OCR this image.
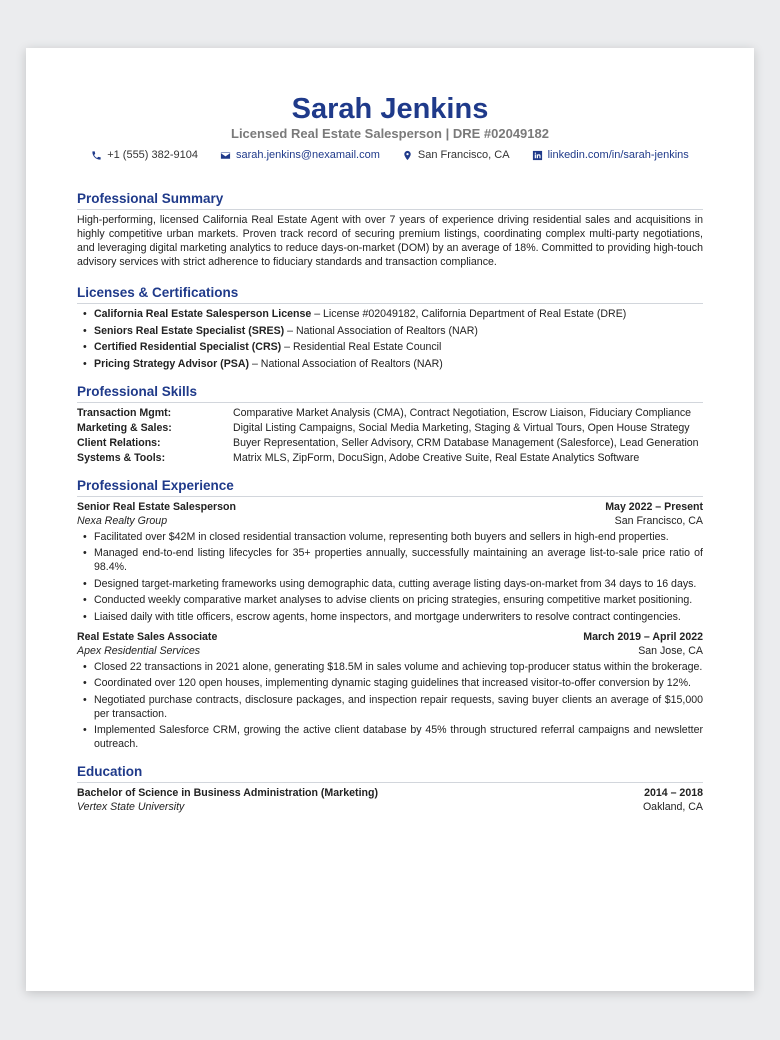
Sarah Jenkins
Licensed Real Estate Salesperson | DRE #02049182
+1 (555) 382-9104	sarah.jenkins@nexamail.com	San Francisco, CA	linkedin.com/in/sarah-jenkins
Professional Summary
High-performing, licensed California Real Estate Agent with over 7 years of experience driving residential sales and acquisitions in highly competitive urban markets. Proven track record of securing premium listings, coordinating complex multi-party negotiations, and leveraging digital marketing analytics to reduce days-on-market (DOM) by an average of 18%. Committed to providing high-touch advisory services with strict adherence to fiduciary standards and transaction compliance.
Licenses & Certifications
• California Real Estate Salesperson License – License #02049182, California Department of Real Estate (DRE)
• Seniors Real Estate Specialist (SRES) – National Association of Realtors (NAR)
• Certified Residential Specialist (CRS) – Residential Real Estate Council
• Pricing Strategy Advisor (PSA) – National Association of Realtors (NAR)
Professional Skills
Transaction Mgmt:	Comparative Market Analysis (CMA), Contract Negotiation, Escrow Liaison, Fiduciary Compliance
Marketing & Sales:	Digital Listing Campaigns, Social Media Marketing, Staging & Virtual Tours, Open House Strategy
Client Relations:	Buyer Representation, Seller Advisory, CRM Database Management (Salesforce), Lead Generation
Systems & Tools:	Matrix MLS, ZipForm, DocuSign, Adobe Creative Suite, Real Estate Analytics Software
Professional Experience
Senior Real Estate Salesperson	May 2022 – Present
Nexa Realty Group	San Francisco, CA
• Facilitated over $42M in closed residential transaction volume, representing both buyers and sellers in high-end properties.
• Managed end-to-end listing lifecycles for 35+ properties annually, successfully maintaining an average list-to-sale price ratio of 98.4%.
• Designed target-marketing frameworks using demographic data, cutting average listing days-on-market from 34 days to 16 days.
• Conducted weekly comparative market analyses to advise clients on pricing strategies, ensuring competitive market positioning.
• Liaised daily with title officers, escrow agents, home inspectors, and mortgage underwriters to resolve contract contingencies.
Real Estate Sales Associate	March 2019 – April 2022
Apex Residential Services	San Jose, CA
• Closed 22 transactions in 2021 alone, generating $18.5M in sales volume and achieving top-producer status within the brokerage.
• Coordinated over 120 open houses, implementing dynamic staging guidelines that increased visitor-to-offer conversion by 12%.
• Negotiated purchase contracts, disclosure packages, and inspection repair requests, saving buyer clients an average of $15,000 per transaction.
• Implemented Salesforce CRM, growing the active client database by 45% through structured referral campaigns and newsletter outreach.
Education
Bachelor of Science in Business Administration (Marketing)	2014 – 2018
Vertex State University	Oakland, CA
